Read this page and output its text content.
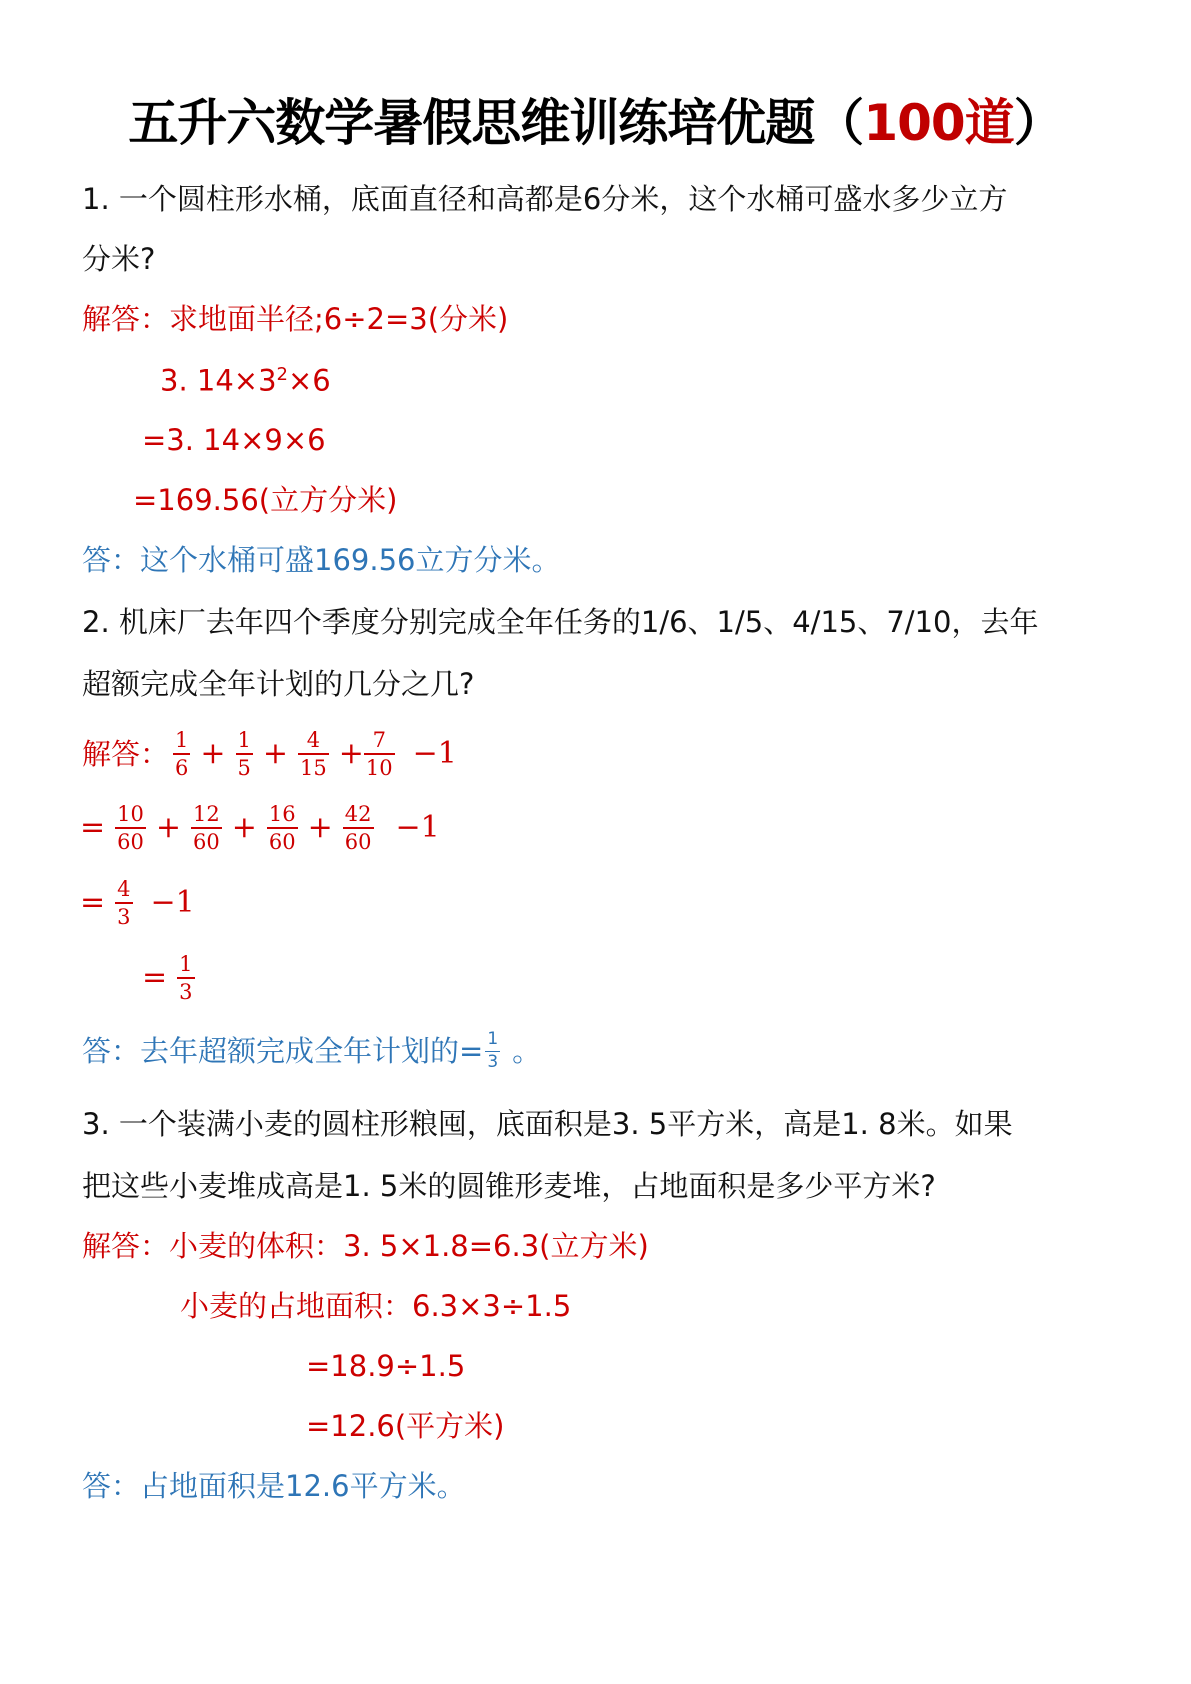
五升六数学暑假思维训练培优题（100道）
1. 一个圆柱形水桶，底面直径和高都是6分米，这个水桶可盛水多少立方
分米?
解答：求地面半径;6÷2=3(分米)
3. $14\times 3^2\times 6$
=3. 14×9×6
=169.56(立方分米)
答：这个水桶可盛169.56立方分米。
2. 机床厂去年四个季度分别完成全年任务的1/6、1/5、4/15、7/10，去年
超额完成全年计划的几分之几?
解答： $\frac{1}{6} + \frac{1}{5} + \frac{4}{15} + \frac{7}{10} -1$
= $\frac{10}{60} + \frac{12}{60} + \frac{16}{60} + \frac{42}{60} -1$
= $\frac{4}{3} -1$
= $\frac{1}{3}$
答：去年超额完成全年计划的= $\frac{1}{3}$ 。
3. 一个装满小麦的圆柱形粮囤，底面积是3. 5平方米，高是1. 8米。如果
把这些小麦堆成高是1. 5米的圆锥形麦堆，占地面积是多少平方米?
解答：小麦的体积：3. 5×1.8=6.3(立方米)
小麦的占地面积：6.3×3÷1.5
=18.9÷1.5
=12.6(平方米)
答：占地面积是12.6平方米。
